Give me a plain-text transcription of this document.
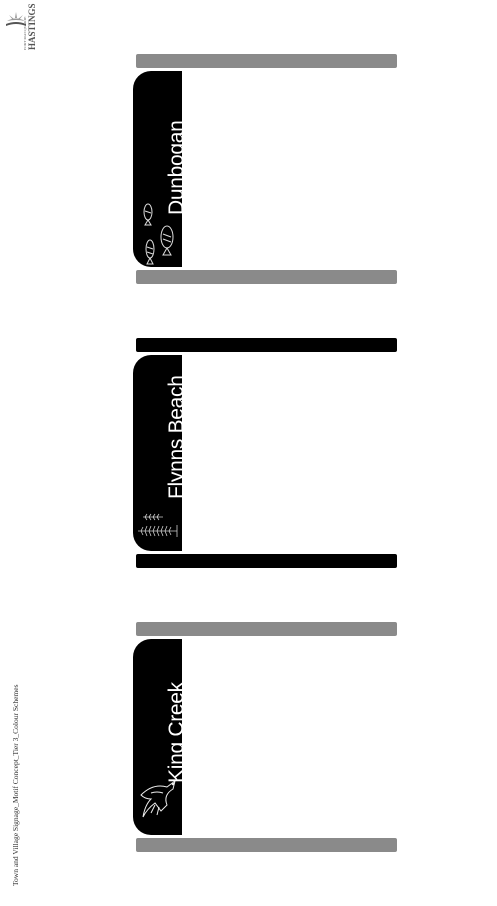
PORT MACQUARIE HASTINGS
Town and Village Signage_Motif Concept_Tier 3_Colour Schemes
Dunbogan
Flynns Beach
King Creek
